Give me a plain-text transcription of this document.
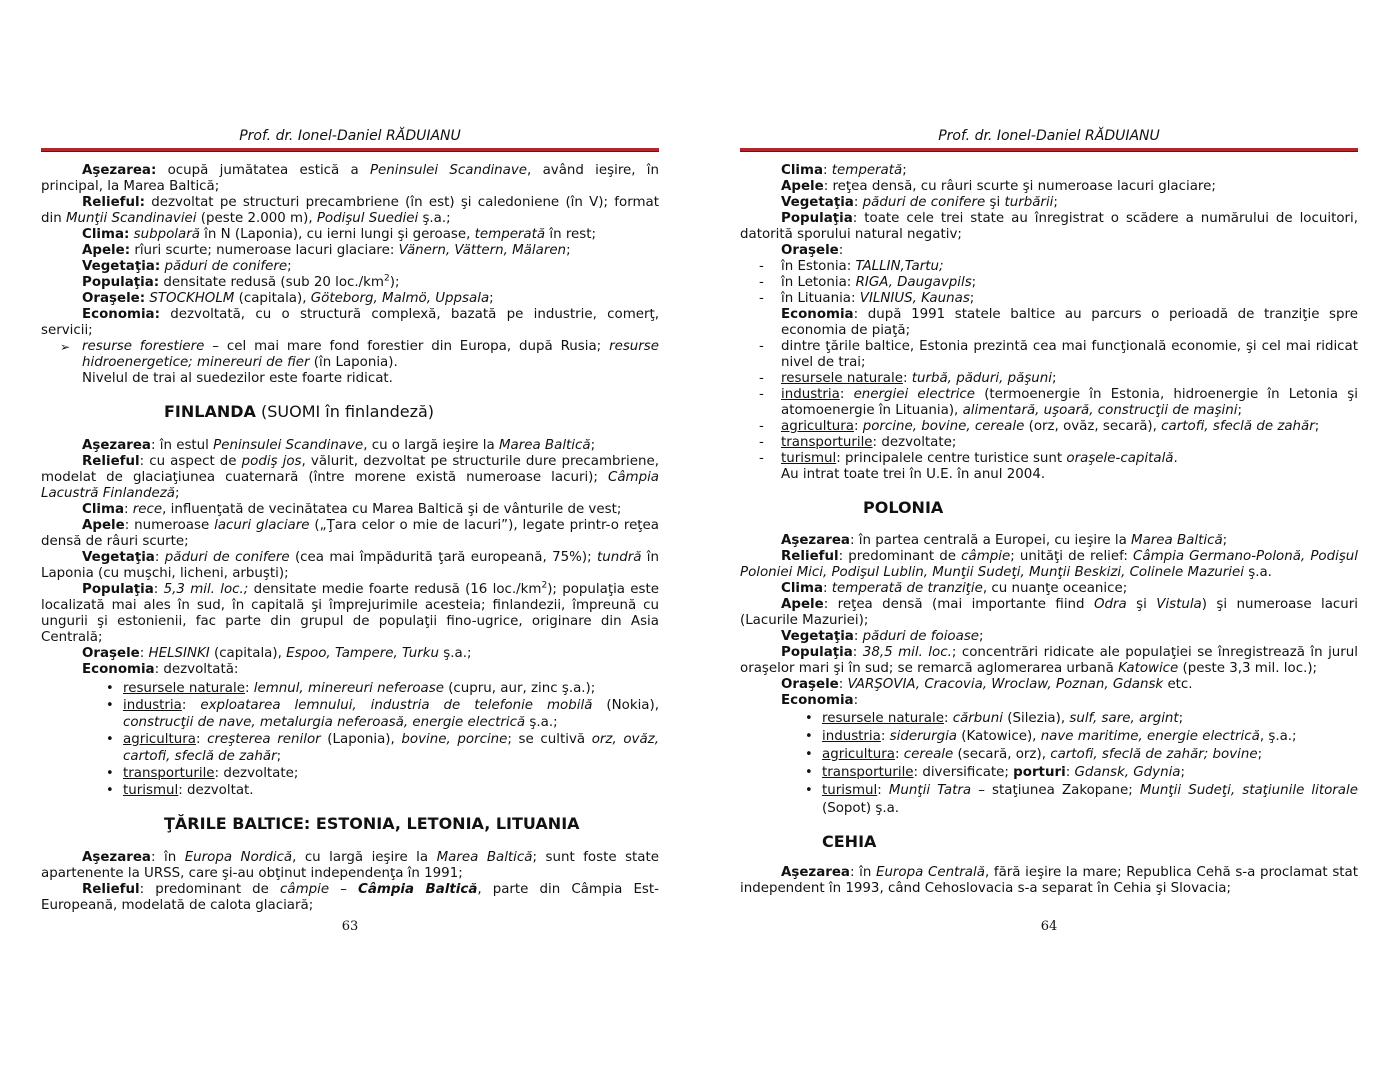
Prof. dr. Ionel-Daniel RĂDUIANU

Aşezarea: ocupă jumătatea estică a Peninsulei Scandinave, având ieşire, în principal, la Marea Baltică;

Relieful: dezvoltat pe structuri precambriene (în est) şi caledoniene (în V); format din Munţii Scandinaviei (peste 2.000 m), Podişul Suediei ş.a.;

Clima: subpolară în N (Laponia), cu ierni lungi şi geroase, temperată în rest;

Apele: rîuri scurte; numeroase lacuri glaciare: Vänern, Vättern, Mälaren;

Vegetaţia: păduri de conifere;

Populaţia: densitate redusă (sub 20 $loc./km^2$);

Oraşele: STOCKHOLM (capitala), Göteborg, Malmö, Uppsala;

Economia: dezvoltată, cu o structură complexă, bazată pe industrie, comerţ, servicii;

➢ resurse forestiere – cel mai mare fond forestier din Europa, după Rusia; resurse hidroenergetice; minereuri de fier (în Laponia).

Nivelul de trai al suedezilor este foarte ridicat.

FINLANDA (SUOMI în finlandeză)

Aşezarea: în estul Peninsulei Scandinave, cu o largă ieşire la Marea Baltică;

Relieful: cu aspect de podiş jos, vălurit, dezvoltat pe structurile dure precambriene, modelat de glaciaţiunea cuaternară (între morene există numeroase lacuri); Câmpia Lacustră Finlandeză;

Clima: rece, influenţată de vecinătatea cu Marea Baltică şi de vânturile de vest;

Apele: numeroase lacuri glaciare („Ţara celor o mie de lacuri”), legate printr-o reţea densă de râuri scurte;

Vegetaţia: păduri de conifere (cea mai împădurită ţară europeană, 75%); tundră în Laponia (cu muşchi, licheni, arbuşti);

Populaţia: 5,3 mil. loc.; densitate medie foarte redusă (16 $loc./km^2$); populaţia este localizată mai ales în sud, în capitală şi împrejurimile acesteia; finlandezii, împreună cu ungurii şi estonienii, fac parte din grupul de populaţii fino-ugrice, originare din Asia Centrală;

Oraşele: HELSINKI (capitala), Espoo, Tampere, Turku ş.a.;

Economia: dezvoltată:

• resursele naturale: lemnul, minereuri neferoase (cupru, aur, zinc ş.a.);
• industria: exploatarea lemnului, industria de telefonie mobilă (Nokia), construcţii de nave, metalurgia neferoasă, energie electrică ş.a.;
• agricultura: creşterea renilor (Laponia), bovine, porcine; se cultivă orz, ovăz, cartofi, sfeclă de zahăr;
• transporturile: dezvoltate;
• turismul: dezvoltat.
ŢĂRILE BALTICE: ESTONIA, LETONIA, LITUANIA

Aşezarea: în Europa Nordică, cu largă ieşire la Marea Baltică; sunt foste state apartenente la URSS, care şi-au obţinut independenţa în 1991;

Relieful: predominant de câmpie – Câmpia Baltică, parte din Câmpia Est-Europeană, modelată de calota glaciară;

63
Prof. dr. Ionel-Daniel RĂDUIANU

Clima: temperată;

Apele: reţea densă, cu râuri scurte şi numeroase lacuri glaciare;

Vegetaţia: păduri de conifere şi turbării;

Populaţia: toate cele trei state au înregistrat o scădere a numărului de locuitori, datorită sporului natural negativ;

Oraşele:

- în Estonia: TALLIN,Tartu;
- în Letonia: RIGA, Daugavpils;
- în Lituania: VILNIUS, Kaunas;

Economia: după 1991 statele baltice au parcurs o perioadă de tranziţie spre economia de piaţă;

- dintre ţările baltice, Estonia prezintă cea mai funcţională economie, şi cel mai ridicat nivel de trai;
- resursele naturale: turbă, păduri, păşuni;
- industria: energiei electrice (termoenergie în Estonia, hidroenergie în Letonia şi atomoenergie în Lituania), alimentară, uşoară, construcţii de maşini;
- agricultura: porcine, bovine, cereale (orz, ovăz, secară), cartofi, sfeclă de zahăr;
- transporturile: dezvoltate;
- turismul: principalele centre turistice sunt oraşele-capitală.

Au intrat toate trei în U.E. în anul 2004.

POLONIA

Aşezarea: în partea centrală a Europei, cu ieşire la Marea Baltică;

Relieful: predominant de câmpie; unităţi de relief: Câmpia Germano-Polonă, Podişul Poloniei Mici, Podişul Lublin, Munţii Sudeţi, Munţii Beskizi, Colinele Mazuriei ş.a.

Clima: temperată de tranziţie, cu nuanţe oceanice;

Apele: reţea densă (mai importante fiind Odra şi Vistula) şi numeroase lacuri (Lacurile Mazuriei);

Vegetaţia: păduri de foioase;

Populaţia: 38,5 mil. loc.; concentrări ridicate ale populaţiei se înregistrează în jurul oraşelor mari şi în sud; se remarcă aglomerarea urbană Katowice (peste 3,3 mil. loc.);

Oraşele: VARŞOVIA, Cracovia, Wroclaw, Poznan, Gdansk etc.

Economia:

• resursele naturale: cărbuni (Silezia), sulf, sare, argint;
• industria: siderurgia (Katowice), nave maritime, energie electrică, ş.a.;
• agricultura: cereale (secară, orz), cartofi, sfeclă de zahăr; bovine;
• transporturile: diversificate; porturi: Gdansk, Gdynia;
• turismul: Munţii Tatra – staţiunea Zakopane; Munţii Sudeţi, staţiunile litorale (Sopot) ş.a.
CEHIA

Aşezarea: în Europa Centrală, fără ieşire la mare; Republica Cehă s-a proclamat stat independent în 1993, când Cehoslovacia s-a separat în Cehia şi Slovacia;

64
